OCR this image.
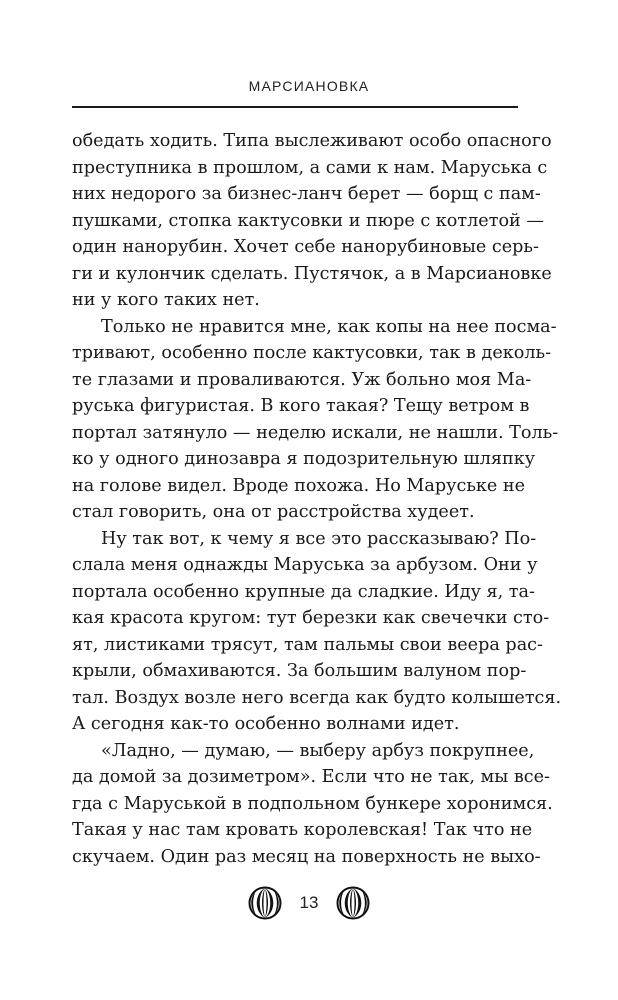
МАРСИАНОВКА
обедать ходить. Типа выслеживают особо опасного
преступника в прошлом, а сами к нам. Маруська с
них недорого за бизнес-ланч берет — борщ с пам-
пушками, стопка кактусовки и пюре с котлетой —
один нанорубин. Хочет себе нанорубиновые серь-
ги и кулончик сделать. Пустячок, а в Марсиановке
ни у кого таких нет.
Только не нравится мне, как копы на нее посма-
тривают, особенно после кактусовки, так в деколь-
те глазами и проваливаются. Уж больно моя Ма-
руська фигуристая. В кого такая? Тещу ветром в
портал затянуло — неделю искали, не нашли. Толь-
ко у одного динозавра я подозрительную шляпку
на голове видел. Вроде похожа. Но Маруське не
стал говорить, она от расстройства худеет.
Ну так вот, к чему я все это рассказываю? По-
слала меня однажды Маруська за арбузом. Они у
портала особенно крупные да сладкие. Иду я, та-
кая красота кругом: тут березки как свечечки сто-
ят, листиками трясут, там пальмы свои веера рас-
крыли, обмахиваются. За большим валуном пор-
тал. Воздух возле него всегда как будто колышется.
А сегодня как-то особенно волнами идет.
«Ладно, — думаю, — выберу арбуз покрупнее,
да домой за дозиметром». Если что не так, мы все-
гда с Маруськой в подпольном бункере хоронимся.
Такая у нас там кровать королевская! Так что не
скучаем. Один раз месяц на поверхность не выхо-
13
